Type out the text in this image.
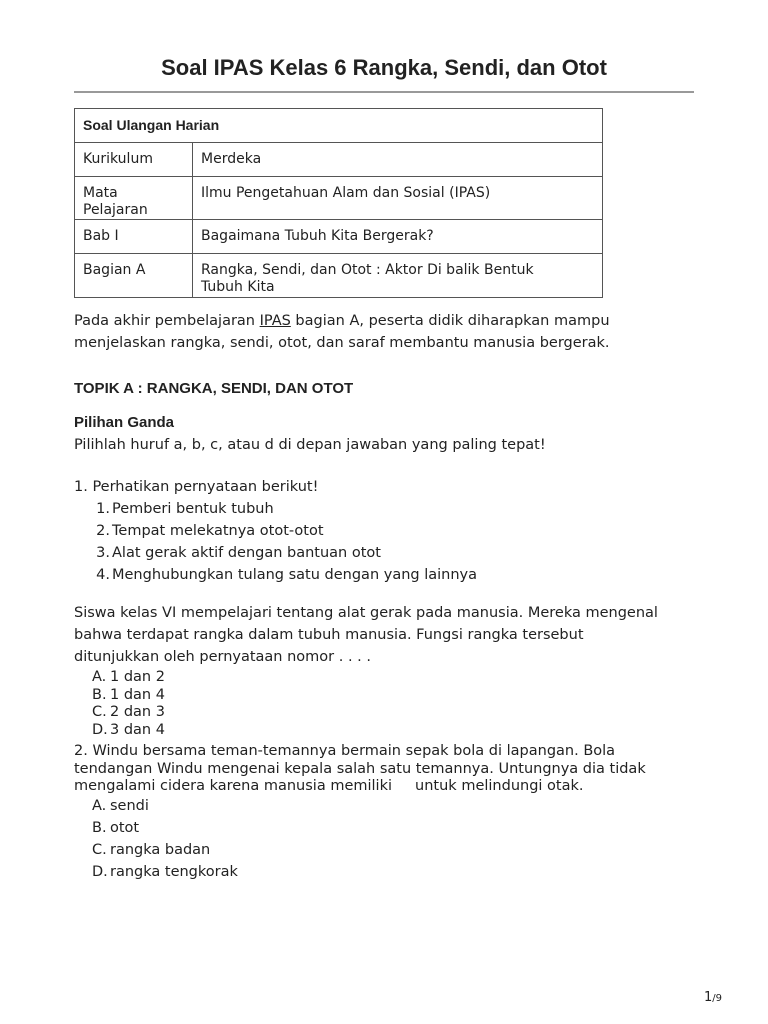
Soal IPAS Kelas 6 Rangka, Sendi, dan Otot
Soal Ulangan Harian	
Kurikulum	Merdeka

Mata
Pelajaran	Ilmu Pengetahuan Alam dan Sosial (IPAS)
Bab I	Bagaimana Tubuh Kita Bergerak?
Bagian A	Rangka, Sendi, dan Otot : Aktor Di balik Bentuk
Tubuh Kita
Pada akhir pembelajaran IPAS bagian A, peserta didik diharapkan mampu
menjelaskan rangka, sendi, otot, dan saraf membantu manusia bergerak.
TOPIK A : RANGKA, SENDI, DAN OTOT
Pilihan Ganda
Pilihlah huruf a, b, c, atau d di depan jawaban yang paling tepat!
1. Perhatikan pernyataan berikut!
1. Pemberi bentuk tubuh
2. Tempat melekatnya otot-otot
3. Alat gerak aktif dengan bantuan otot
4. Menghubungkan tulang satu dengan yang lainnya
Siswa kelas VI mempelajari tentang alat gerak pada manusia. Mereka mengenal
bahwa terdapat rangka dalam tubuh manusia. Fungsi rangka tersebut
ditunjukkan oleh pernyataan nomor . . . .
A. 1 dan 2
B. 1 dan 4
C. 2 dan 3
D. 3 dan 4
2. Windu bersama teman-temannya bermain sepak bola di lapangan. Bola
tendangan Windu mengenai kepala salah satu temannya. Untungnya dia tidak
mengalami cidera karena manusia memiliki     untuk melindungi otak.
A. sendi
B. otot
C. rangka badan
D. rangka tengkorak
1/9
